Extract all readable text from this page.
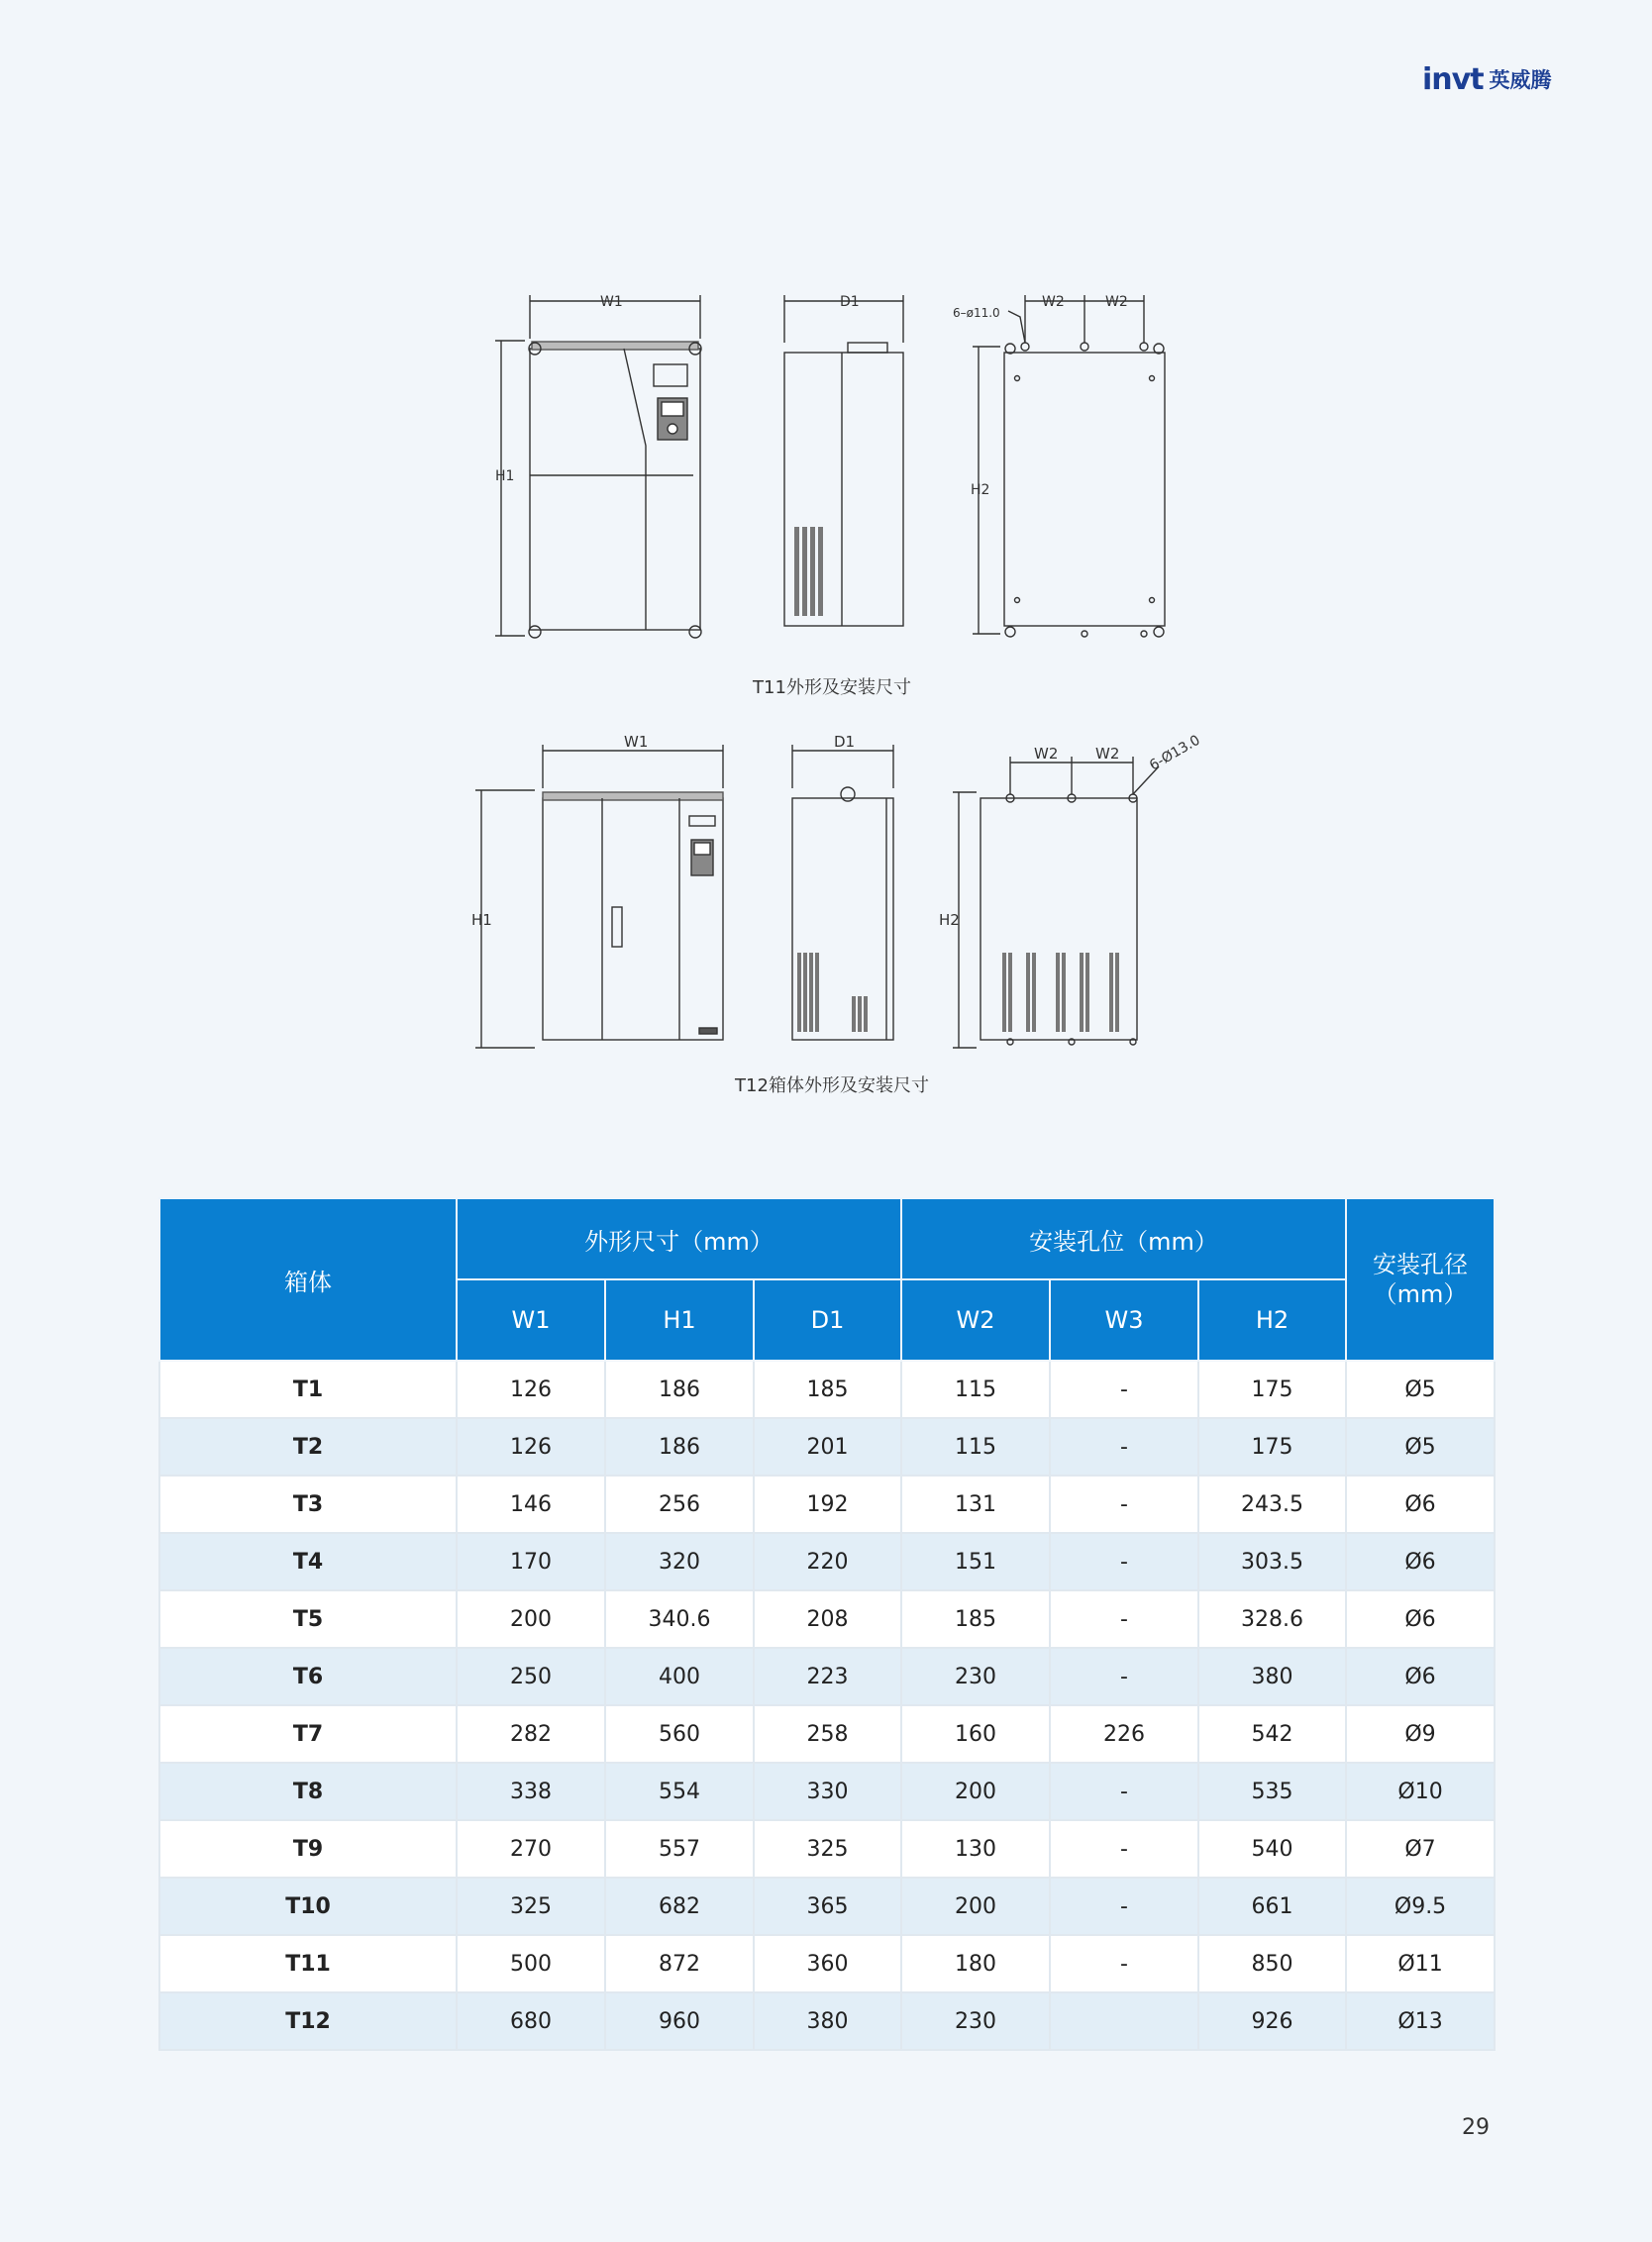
invt 英威腾
W1
H1
D1	W2	W2
H2
6–ø11.0
T11外形及安装尺寸
W1
H1
D1
W2	W2
H2
6-Ø13.0
T12箱体外形及安装尺寸
箱体	外形尺寸（mm）			安装孔位（mm）			安装孔径（mm）
	W1	H1	D1	W2	W3	H2	
T1	126	186	185	115	-	175	Ø5
T2	126	186	201	115	-	175	Ø5
T3	146	256	192	131	-	243.5	Ø6
T4	170	320	220	151	-	303.5	Ø6
T5	200	340.6	208	185	-	328.6	Ø6
T6	250	400	223	230	-	380	Ø6
T7	282	560	258	160	226	542	Ø9
T8	338	554	330	200	-	535	Ø10
T9	270	557	325	130	-	540	Ø7
T10	325	682	365	200	-	661	Ø9.5
T11	500	872	360	180	-	850	Ø11
T12	680	960	380	230		926	Ø13
29
